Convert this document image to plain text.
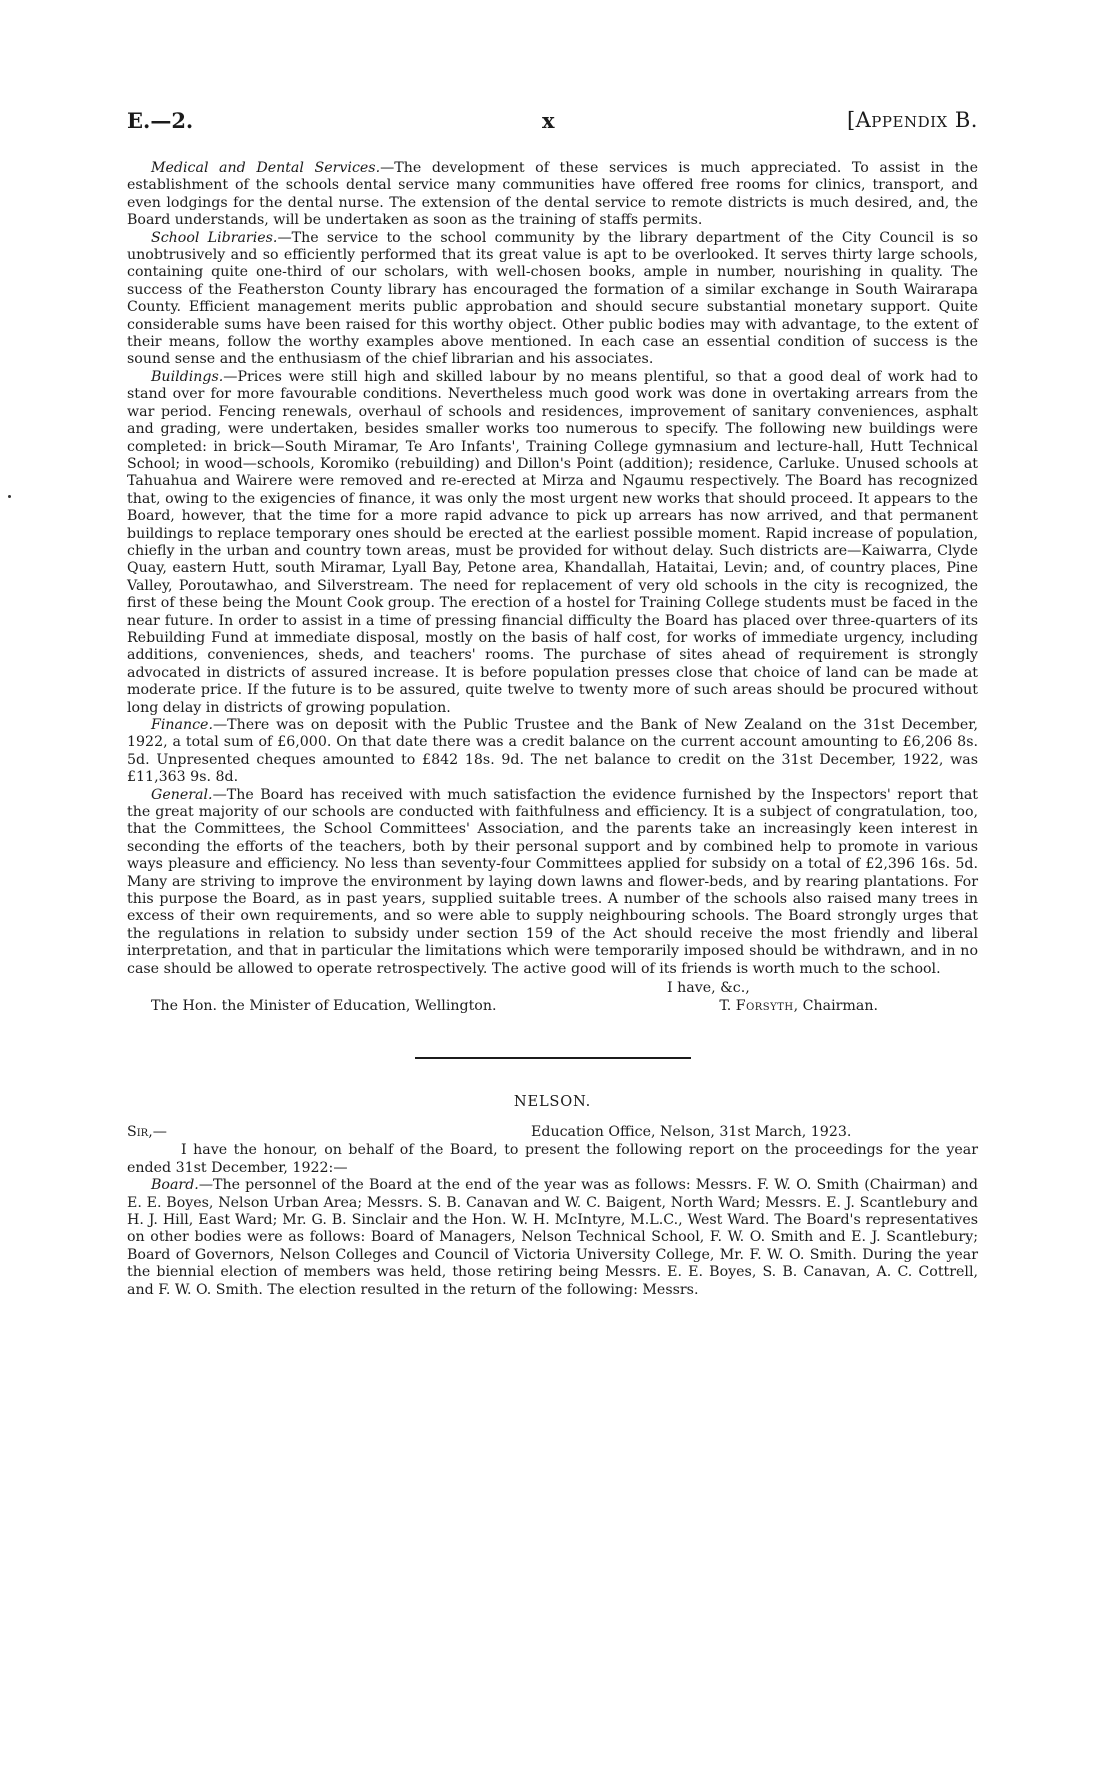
E.—2.	x	[Appendix B.

Medical and Dental Services.—The development of these services is much appreciated. To assist in the establishment of the schools dental service many communities have offered free rooms for clinics, transport, and even lodgings for the dental nurse. The extension of the dental service to remote districts is much desired, and, the Board understands, will be undertaken as soon as the training of staffs permits.

School Libraries.—The service to the school community by the library department of the City Council is so unobtrusively and so efficiently performed that its great value is apt to be overlooked. It serves thirty large schools, containing quite one-third of our scholars, with well-chosen books, ample in number, nourishing in quality. The success of the Featherston County library has encouraged the formation of a similar exchange in South Wairarapa County. Efficient management merits public approbation and should secure substantial monetary support. Quite considerable sums have been raised for this worthy object. Other public bodies may with advantage, to the extent of their means, follow the worthy examples above mentioned. In each case an essential condition of success is the sound sense and the enthusiasm of the chief librarian and his associates.

Buildings.—Prices were still high and skilled labour by no means plentiful, so that a good deal of work had to stand over for more favourable conditions. Nevertheless much good work was done in overtaking arrears from the war period. Fencing renewals, overhaul of schools and residences, improvement of sanitary conveniences, asphalt and grading, were undertaken, besides smaller works too numerous to specify. The following new buildings were completed: in brick—South Miramar, Te Aro Infants', Training College gymnasium and lecture-hall, Hutt Technical School; in wood—schools, Koromiko (rebuilding) and Dillon's Point (addition); residence, Carluke. Unused schools at Tahuahua and Wairere were removed and re-erected at Mirza and Ngaumu respectively. The Board has recognized that, owing to the exigencies of finance, it was only the most urgent new works that should proceed. It appears to the Board, however, that the time for a more rapid advance to pick up arrears has now arrived, and that permanent buildings to replace temporary ones should be erected at the earliest possible moment. Rapid increase of population, chiefly in the urban and country town areas, must be provided for without delay. Such districts are—Kaiwarra, Clyde Quay, eastern Hutt, south Miramar, Lyall Bay, Petone area, Khandallah, Hataitai, Levin; and, of country places, Pine Valley, Poroutawhao, and Silverstream. The need for replacement of very old schools in the city is recognized, the first of these being the Mount Cook group. The erection of a hostel for Training College students must be faced in the near future. In order to assist in a time of pressing financial difficulty the Board has placed over three-quarters of its Rebuilding Fund at immediate disposal, mostly on the basis of half cost, for works of immediate urgency, including additions, conveniences, sheds, and teachers' rooms. The purchase of sites ahead of requirement is strongly advocated in districts of assured increase. It is before population presses close that choice of land can be made at moderate price. If the future is to be assured, quite twelve to twenty more of such areas should be procured without long delay in districts of growing population.

Finance.—There was on deposit with the Public Trustee and the Bank of New Zealand on the 31st December, 1922, a total sum of £6,000. On that date there was a credit balance on the current account amounting to £6,206 8s. 5d. Unpresented cheques amounted to £842 18s. 9d. The net balance to credit on the 31st December, 1922, was £11,363 9s. 8d.

General.—The Board has received with much satisfaction the evidence furnished by the Inspectors' report that the great majority of our schools are conducted with faithfulness and efficiency. It is a subject of congratulation, too, that the Committees, the School Committees' Association, and the parents take an increasingly keen interest in seconding the efforts of the teachers, both by their personal support and by combined help to promote in various ways pleasure and efficiency. No less than seventy-four Committees applied for subsidy on a total of £2,396 16s. 5d. Many are striving to improve the environment by laying down lawns and flower-beds, and by rearing plantations. For this purpose the Board, as in past years, supplied suitable trees. A number of the schools also raised many trees in excess of their own requirements, and so were able to supply neighbouring schools. The Board strongly urges that the regulations in relation to subsidy under section 159 of the Act should receive the most friendly and liberal interpretation, and that in particular the limitations which were temporarily imposed should be withdrawn, and in no case should be allowed to operate retrospectively. The active good will of its friends is worth much to the school.

I have, &c.,

The Hon. the Minister of Education, Wellington.	T. Forsyth, Chairman.

NELSON.

Sir,—	Education Office, Nelson, 31st March, 1923.

I have the honour, on behalf of the Board, to present the following report on the proceedings for the year ended 31st December, 1922:—

Board.—The personnel of the Board at the end of the year was as follows: Messrs. F. W. O. Smith (Chairman) and E. E. Boyes, Nelson Urban Area; Messrs. S. B. Canavan and W. C. Baigent, North Ward; Messrs. E. J. Scantlebury and H. J. Hill, East Ward; Mr. G. B. Sinclair and the Hon. W. H. McIntyre, M.L.C., West Ward. The Board's representatives on other bodies were as follows: Board of Managers, Nelson Technical School, F. W. O. Smith and E. J. Scantlebury; Board of Governors, Nelson Colleges and Council of Victoria University College, Mr. F. W. O. Smith. During the year the biennial election of members was held, those retiring being Messrs. E. E. Boyes, S. B. Canavan, A. C. Cottrell, and F. W. O. Smith. The election resulted in the return of the following: Messrs.
